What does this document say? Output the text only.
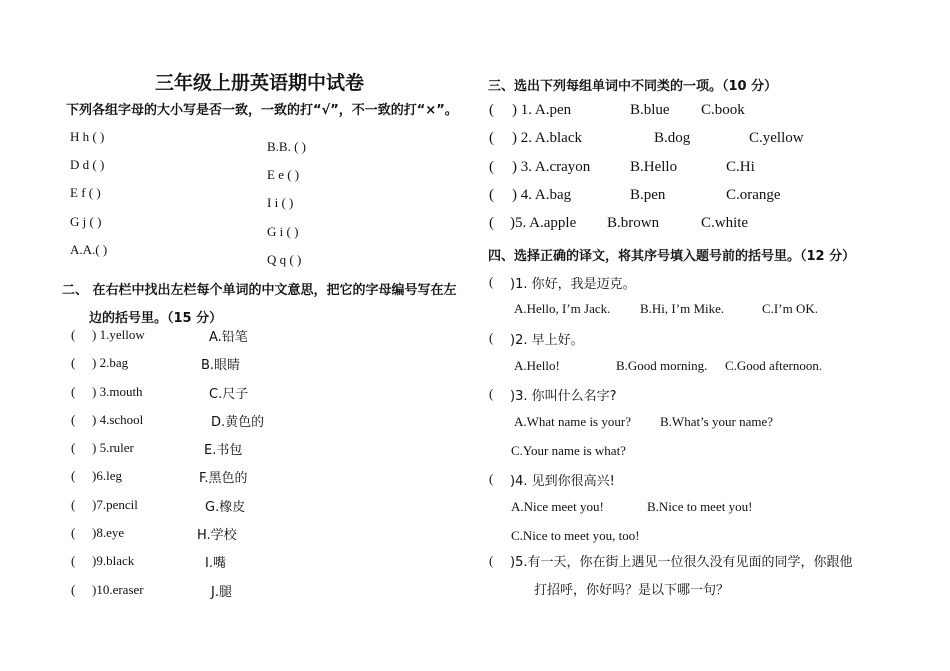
三年级上册英语期中试卷
下列各组字母的大小写是否一致，一致的打“√”，不一致的打“×”。
H h ( )
D d ( )
E f ( )
G j ( )
A.A.( )
B.B. ( )
E e ( )
I i ( )
G i ( )
Q q ( )
二、 在右栏中找出左栏每个单词的中文意思，把它的字母编号写在左
边的括号里。（15 分）
( ) 1.yellow	A.铅笔
( ) 2.bag	B.眼睛
( ) 3.mouth	C.尺子
( ) 4.school	D.黄色的
( ) 5.ruler	E.书包
( )6.leg	F.黑色的
( )7.pencil	G.橡皮
( )8.eye	H.学校
( )9.black	I.嘴
( )10.eraser	J.腿
三、选出下列每组单词中不同类的一项。（10 分）
( ) 1. A.pen	B.blue C.book
( ) 2. A.black	B.dog	C.yellow
( ) 3. A.crayon	B.Hello	C.Hi
( ) 4. A.bag	B.pen	C.orange
( )5. A.apple B.brown	C.white
四、选择正确的译文，将其序号填入题号前的括号里。（12 分）
( )1. 你好，我是迈克。
A.Hello, I’m Jack. B.Hi, I’m Mike.	C.I’m OK.
( )2. 早上好。
A.Hello!	B.Good morning. C.Good afternoon.
( )3. 你叫什么名字?
A.What name is your? B.What’s your name?
C.Your name is what?
( )4. 见到你很高兴!
A.Nice meet you!	B.Nice to meet you!
C.Nice to meet you, too!
( )5.有一天，你在街上遇见一位很久没有见面的同学，你跟他
打招呼，你好吗？是以下哪一句？
